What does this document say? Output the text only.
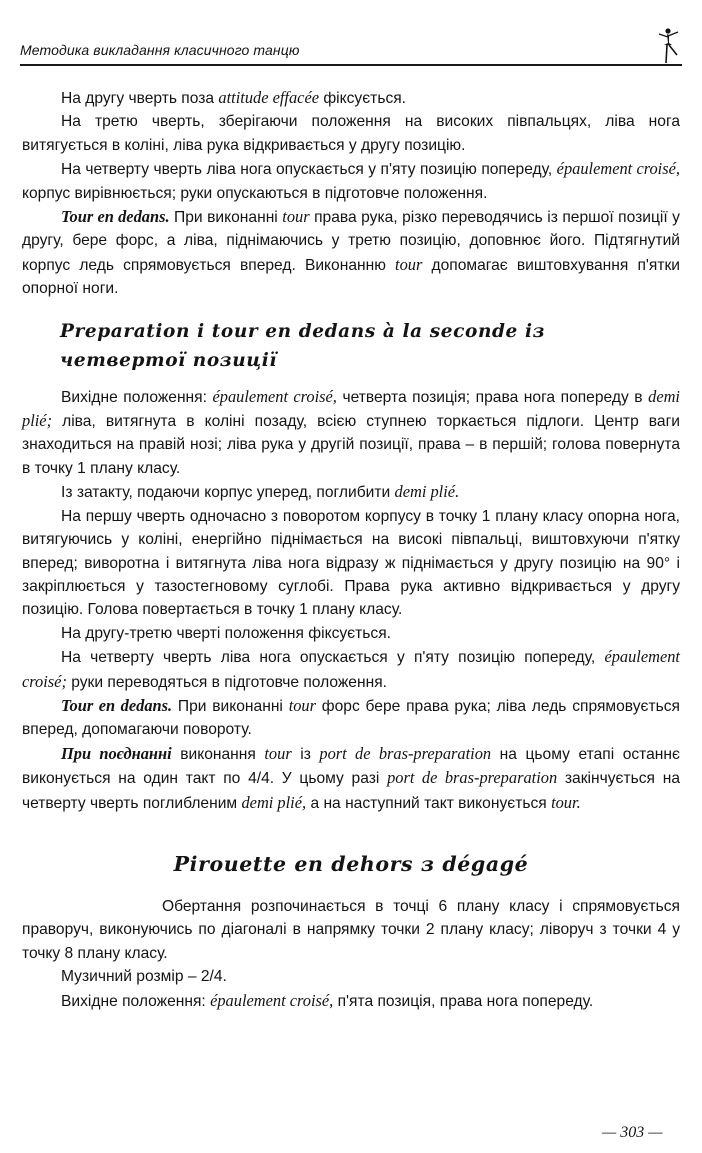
Методика викладання класичного танцю

На другу чверть поза attitude effacée фіксується.

На третю чверть, зберігаючи положення на високих півпальцях, ліва нога витягується в коліні, ліва рука відкривається у другу позицію.

На четверту чверть ліва нога опускається у п'яту позицію попереду, épaulement croisé, корпус вирівнюється; руки опускаються в підготовче положення.

Tour en dedans. При виконанні tour права рука, різко переводячись із першої позиції у другу, бере форс, а ліва, піднімаючись у третю позицію, доповнює його. Підтягнутий корпус ледь спрямовується вперед. Виконанню tour допомагає виштовхування п'ятки опорної ноги.

Preparation і tour en dedans à la seconde із
четвертої позиції

Вихідне положення: épaulement croisé, четверта позиція; права нога попереду в demi plié; ліва, витягнута в коліні позаду, всією ступнею торкається підлоги. Центр ваги знаходиться на правій нозі; ліва рука у другій позиції, права – в першій; голова повернута в точку 1 плану класу.

Із затакту, подаючи корпус уперед, поглибити demi plié.

На першу чверть одночасно з поворотом корпусу в точку 1 плану класу опорна нога, витягуючись у коліні, енергійно піднімається на високі півпальці, виштовхуючи п'ятку вперед; виворотна і витягнута ліва нога відразу ж піднімається у другу позицію на 90° і закріплюється у тазостегновому суглобі. Права рука активно відкривається у другу позицію. Голова повертається в точку 1 плану класу.

На другу-третю чверті положення фіксується.

На четверту чверть ліва нога опускається у п'яту позицію попереду, épaulement croisé; руки переводяться в підготовче положення.

Tour en dedans. При виконанні tour форс бере права рука; ліва ледь спрямовується вперед, допомагаючи повороту.

При поєднанні виконання tour із port de bras-preparation на цьому етапі останнє виконується на один такт по 4/4. У цьому разі port de bras-preparation закінчується на четверту чверть поглибленим demi plié, а на наступний такт виконується tour.

Pirouette en dehors з dégagé

Обертання розпочинається в точці 6 плану класу і спрямовується праворуч, виконуючись по діагоналі в напрямку точки 2 плану класу; ліворуч з точки 4 у точку 8 плану класу.

Музичний розмір – 2/4.

Вихідне положення: épaulement croisé, п'ята позиція, права нога попереду.

— 303 —
